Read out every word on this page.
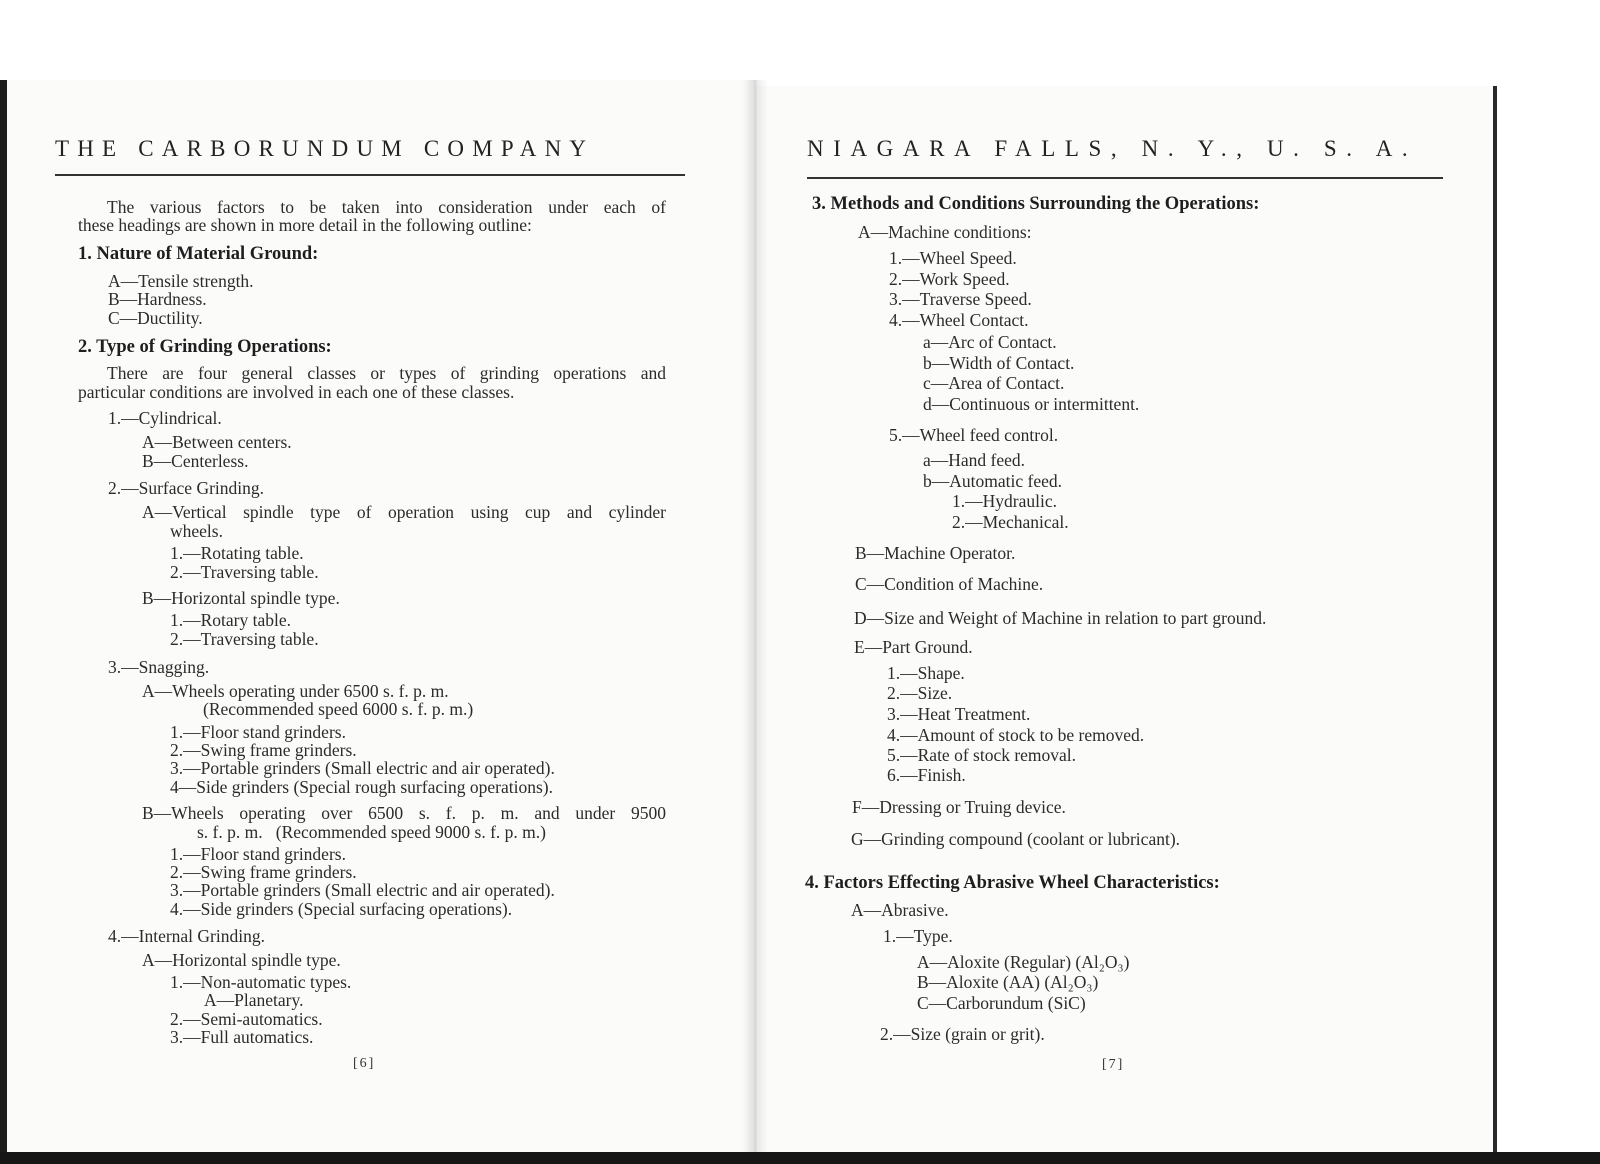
THE CARBORUNDUM COMPANY
The various factors to be taken into consideration under each of
these headings are shown in more detail in the following outline:
1. Nature of Material Ground:
A—Tensile strength.
B—Hardness.
C—Ductility.
2. Type of Grinding Operations:
There are four general classes or types of grinding operations and
particular conditions are involved in each one of these classes.
1.—Cylindrical.
A—Between centers.
B—Centerless.
2.—Surface Grinding.
A—Vertical spindle type of operation using cup and cylinder
wheels.
1.—Rotating table.
2.—Traversing table.
B—Horizontal spindle type.
1.—Rotary table.
2.—Traversing table.
3.—Snagging.
A—Wheels operating under 6500 s. f. p. m.
(Recommended speed 6000 s. f. p. m.)
1.—Floor stand grinders.
2.—Swing frame grinders.
3.—Portable grinders (Small electric and air operated).
4—Side grinders (Special rough surfacing operations).
B—Wheels operating over 6500 s. f. p. m. and under 9500
s. f. p. m.   (Recommended speed 9000 s. f. p. m.)
1.—Floor stand grinders.
2.—Swing frame grinders.
3.—Portable grinders (Small electric and air operated).
4.—Side grinders (Special surfacing operations).
4.—Internal Grinding.
A—Horizontal spindle type.
1.—Non-automatic types.
A—Planetary.
2.—Semi-automatics.
3.—Full automatics.
[6]
NIAGARA FALLS, N. Y., U. S. A.
3. Methods and Conditions Surrounding the Operations:
A—Machine conditions:
1.—Wheel Speed.
2.—Work Speed.
3.—Traverse Speed.
4.—Wheel Contact.
a—Arc of Contact.
b—Width of Contact.
c—Area of Contact.
d—Continuous or intermittent.
5.—Wheel feed control.
a—Hand feed.
b—Automatic feed.
1.—Hydraulic.
2.—Mechanical.
B—Machine Operator.
C—Condition of Machine.
D—Size and Weight of Machine in relation to part ground.
E—Part Ground.
1.—Shape.
2.—Size.
3.—Heat Treatment.
4.—Amount of stock to be removed.
5.—Rate of stock removal.
6.—Finish.
F—Dressing or Truing device.
G—Grinding compound (coolant or lubricant).
4. Factors Effecting Abrasive Wheel Characteristics:
A—Abrasive.
1.—Type.
A—Aloxite (Regular) (Al₂O₃)
B—Aloxite (AA) (Al₂O₃)
C—Carborundum (SiC)
2.—Size (grain or grit).
[7]
